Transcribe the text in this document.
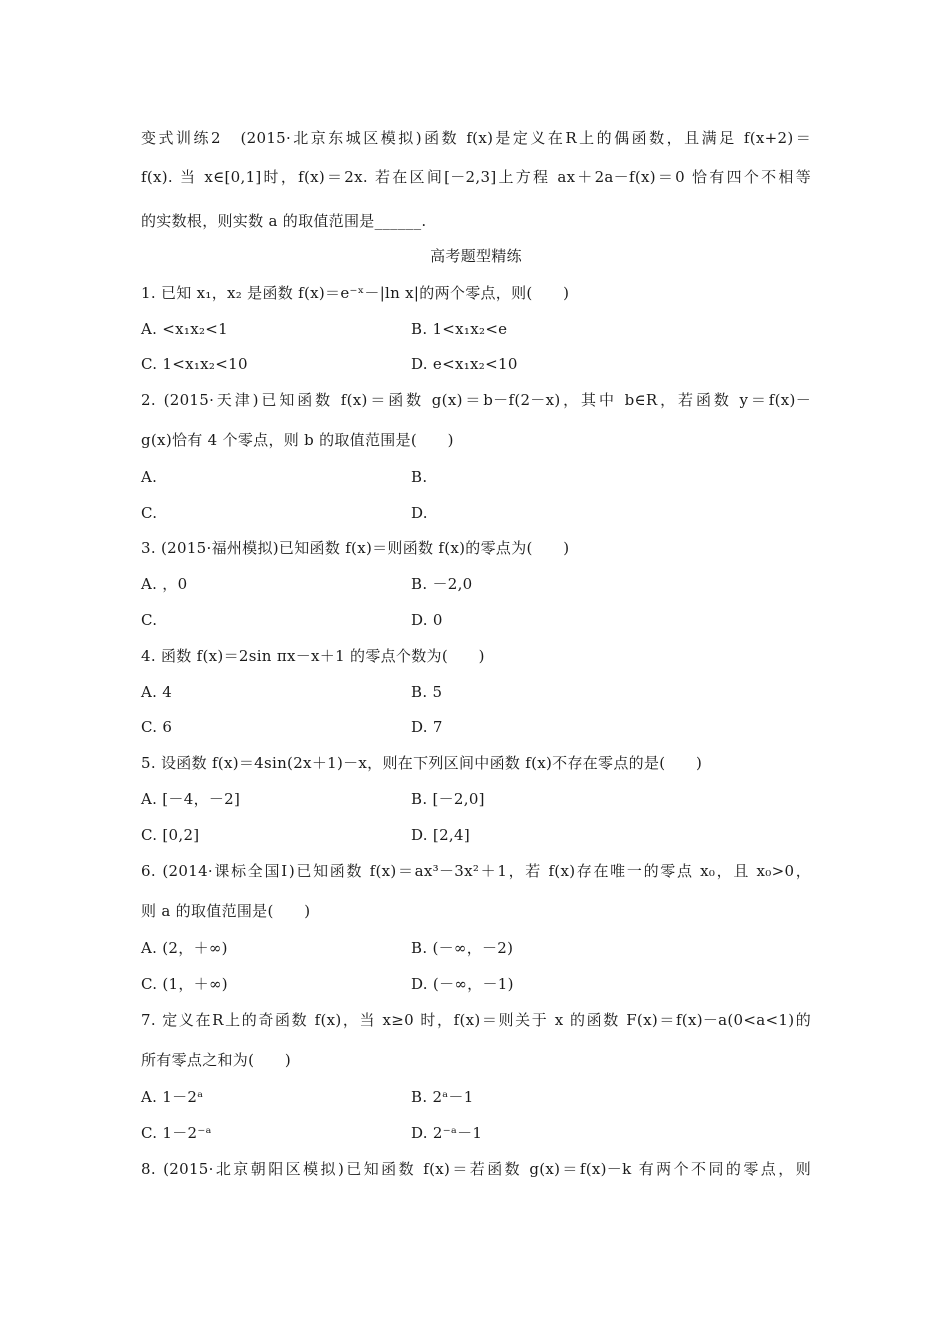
变式训练2　(2015·北京东城区模拟)函数 f(x)是定义在R上的偶函数，且满足 f(x+2)＝
f(x). 当 x∈[0,1]时，f(x)＝2x. 若在区间[－2,3]上方程 ax＋2a－f(x)＝0 恰有四个不相等
的实数根，则实数 a 的取值范围是______.
高考题型精练
1. 已知 x₁，x₂ 是函数 f(x)＝e⁻ˣ－|ln x|的两个零点，则(　　)
A. <x₁x₂<1	B. 1<x₁x₂<e
C. 1<x₁x₂<10	D. e<x₁x₂<10
2. (2015·天津)已知函数 f(x)＝函数 g(x)＝b－f(2－x)，其中 b∈R，若函数 y＝f(x)－
g(x)恰有 4 个零点，则 b 的取值范围是(　　)
A.	B.
C.	D.
3. (2015·福州模拟)已知函数 f(x)＝则函数 f(x)的零点为(　　)
A. ，0	B. －2,0
C.	D. 0
4. 函数 f(x)＝2sin πx－x＋1 的零点个数为(　　)
A. 4	B. 5
C. 6	D. 7
5. 设函数 f(x)＝4sin(2x＋1)－x，则在下列区间中函数 f(x)不存在零点的是(　　)
A. [－4，－2]	B. [－2,0]
C. [0,2]	D. [2,4]
6. (2014·课标全国Ⅰ)已知函数 f(x)＝ax³－3x²＋1，若 f(x)存在唯一的零点 x₀，且 x₀>0，
则 a 的取值范围是(　　)
A. (2，＋∞)	B. (－∞，－2)
C. (1，＋∞)	D. (－∞，－1)
7. 定义在R上的奇函数 f(x)，当 x≥0 时，f(x)＝则关于 x 的函数 F(x)＝f(x)－a(0<a<1)的
所有零点之和为(　　)
A. 1－2ᵃ	B. 2ᵃ－1
C. 1－2⁻ᵃ	D. 2⁻ᵃ－1
8. (2015·北京朝阳区模拟)已知函数 f(x)＝若函数 g(x)＝f(x)－k 有两个不同的零点，则
